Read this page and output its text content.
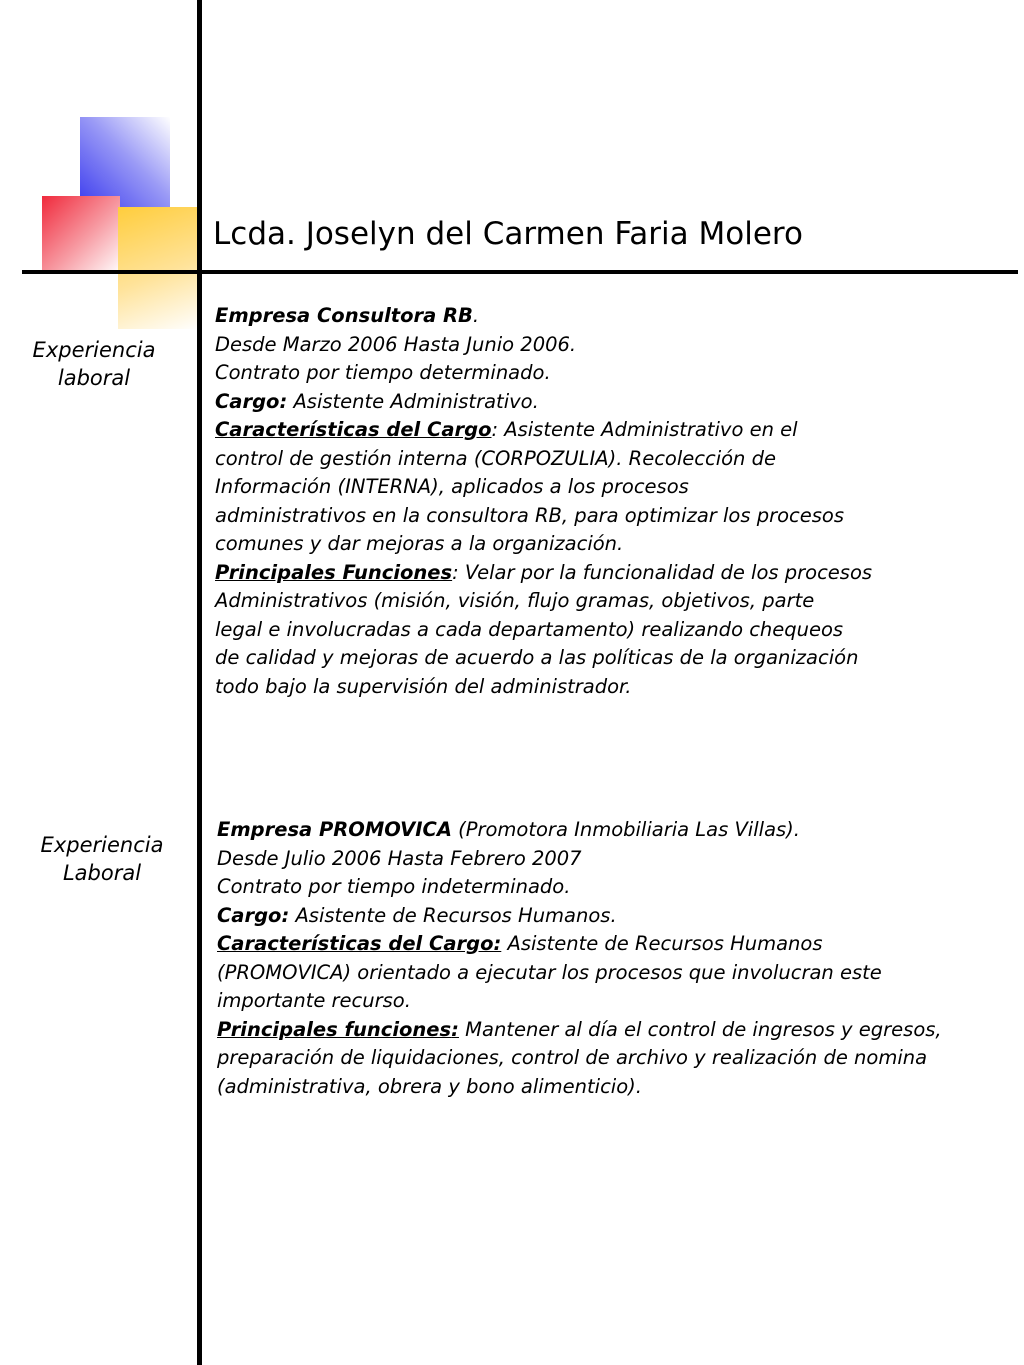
Lcda. Joselyn del Carmen Faria Molero
Experiencia
laboral
Empresa Consultora RB.
Desde Marzo 2006 Hasta Junio 2006.
Contrato por tiempo determinado.
Cargo: Asistente Administrativo.
Características del Cargo: Asistente Administrativo en el
control de gestión interna (CORPOZULIA). Recolección de
Información (INTERNA), aplicados a los procesos
administrativos en la consultora RB, para optimizar los procesos
comunes y dar mejoras a la organización.
Principales Funciones: Velar por la funcionalidad de los procesos
Administrativos (misión, visión, flujo gramas, objetivos, parte
legal e involucradas a cada departamento) realizando chequeos
de calidad y mejoras de acuerdo a las políticas de la organización
todo bajo la supervisión del administrador.
Experiencia
Laboral
Empresa PROMOVICA (Promotora Inmobiliaria Las Villas).
Desde Julio 2006 Hasta Febrero 2007
Contrato por tiempo indeterminado.
Cargo: Asistente de Recursos Humanos.
Características del Cargo: Asistente de Recursos Humanos
(PROMOVICA) orientado a ejecutar los procesos que involucran este
importante recurso.
Principales funciones: Mantener al día el control de ingresos y egresos,
preparación de liquidaciones, control de archivo y realización de nomina
(administrativa, obrera y bono alimenticio).
